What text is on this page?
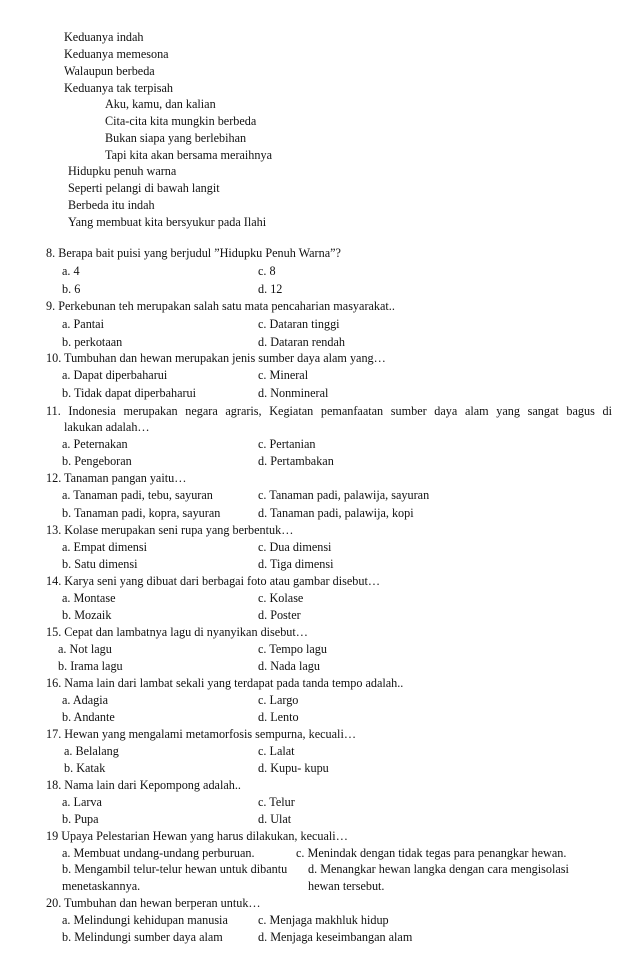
Keduanya indah
Keduanya memesona
Walaupun berbeda
Keduanya tak terpisah
Aku, kamu, dan kalian
Cita-cita kita mungkin berbeda
Bukan siapa yang berlebihan
Tapi kita akan bersama meraihnya
Hidupku penuh warna
Seperti pelangi di bawah langit
Berbeda itu indah
Yang membuat kita bersyukur pada Ilahi
8. Berapa bait puisi yang berjudul ”Hidupku Penuh Warna”?
a. 4	c. 8
b. 6	d. 12
9. Perkebunan teh merupakan salah satu mata pencaharian masyarakat..
a. Pantai	c. Dataran tinggi
b. perkotaan	d. Dataran rendah
10. Tumbuhan dan hewan merupakan jenis sumber daya alam yang…
a. Dapat diperbaharui	c. Mineral
b. Tidak dapat diperbaharui	d. Nonmineral
11. Indonesia merupakan negara agraris, Kegiatan pemanfaatan sumber daya alam yang sangat bagus di
lakukan adalah…
a. Peternakan	c. Pertanian
b. Pengeboran	d. Pertambakan
12. Tanaman pangan yaitu…
a. Tanaman padi, tebu, sayuran	c. Tanaman padi, palawija, sayuran
b. Tanaman padi, kopra, sayuran	d. Tanaman padi, palawija, kopi
13. Kolase merupakan seni rupa yang berbentuk…
a. Empat dimensi	c. Dua dimensi
b. Satu dimensi	d. Tiga dimensi
14. Karya seni yang dibuat dari berbagai foto atau gambar disebut…
a. Montase	c. Kolase
b. Mozaik	d. Poster
15. Cepat dan lambatnya lagu di nyanyikan disebut…
a. Not lagu	c. Tempo lagu
b. Irama lagu	d. Nada lagu
16. Nama lain dari lambat sekali yang terdapat pada tanda tempo adalah..
a. Adagia	c. Largo
b. Andante	d. Lento
17. Hewan yang mengalami metamorfosis sempurna, kecuali…
a. Belalang	c. Lalat
b. Katak	d. Kupu- kupu
18. Nama lain dari Kepompong adalah..
a. Larva	c. Telur
b. Pupa	d. Ulat
19 Upaya Pelestarian Hewan yang harus dilakukan, kecuali…
a. Membuat undang-undang perburuan.	c. Menindak dengan tidak tegas para penangkar hewan.
b. Mengambil telur-telur hewan untuk dibantu menetaskannya.
d. Menangkar hewan langka dengan cara mengisolasi hewan tersebut.
20. Tumbuhan dan hewan berperan untuk…
a. Melindungi kehidupan manusia c. Menjaga makhluk hidup
b. Melindungi sumber daya alam	d. Menjaga keseimbangan alam
